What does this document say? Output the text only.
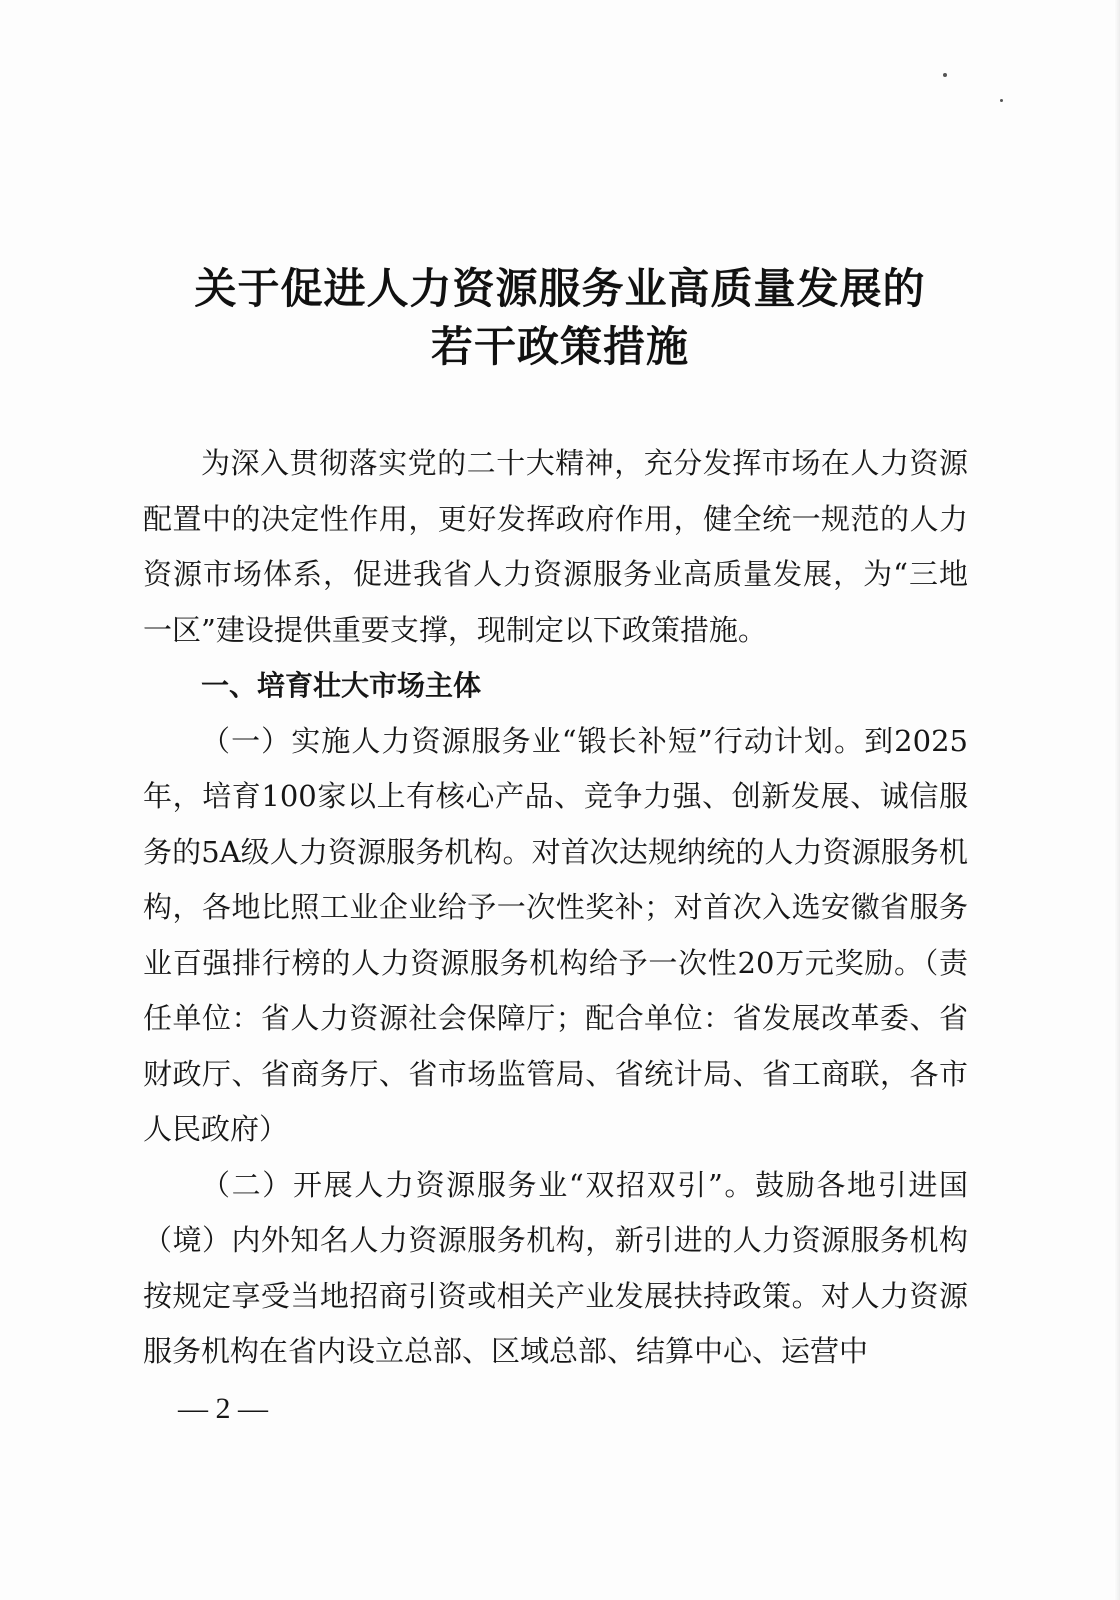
关于促进人力资源服务业高质量发展的
若干政策措施

为深入贯彻落实党的二十大精神，充分发挥市场在人力资源配置中的决定性作用，更好发挥政府作用，健全统一规范的人力资源市场体系，促进我省人力资源服务业高质量发展，为“三地一区”建设提供重要支撑，现制定以下政策措施。

一、培育壮大市场主体

（一）实施人力资源服务业“锻长补短”行动计划。到2025年，培育100家以上有核心产品、竞争力强、创新发展、诚信服务的5A级人力资源服务机构。对首次达规纳统的人力资源服务机构，各地比照工业企业给予一次性奖补；对首次入选安徽省服务业百强排行榜的人力资源服务机构给予一次性20万元奖励。（责任单位：省人力资源社会保障厅；配合单位：省发展改革委、省财政厅、省商务厅、省市场监管局、省统计局、省工商联，各市人民政府）

（二）开展人力资源服务业“双招双引”。鼓励各地引进国（境）内外知名人力资源服务机构，新引进的人力资源服务机构按规定享受当地招商引资或相关产业发展扶持政策。对人力资源服务机构在省内设立总部、区域总部、结算中心、运营中

— 2 —
